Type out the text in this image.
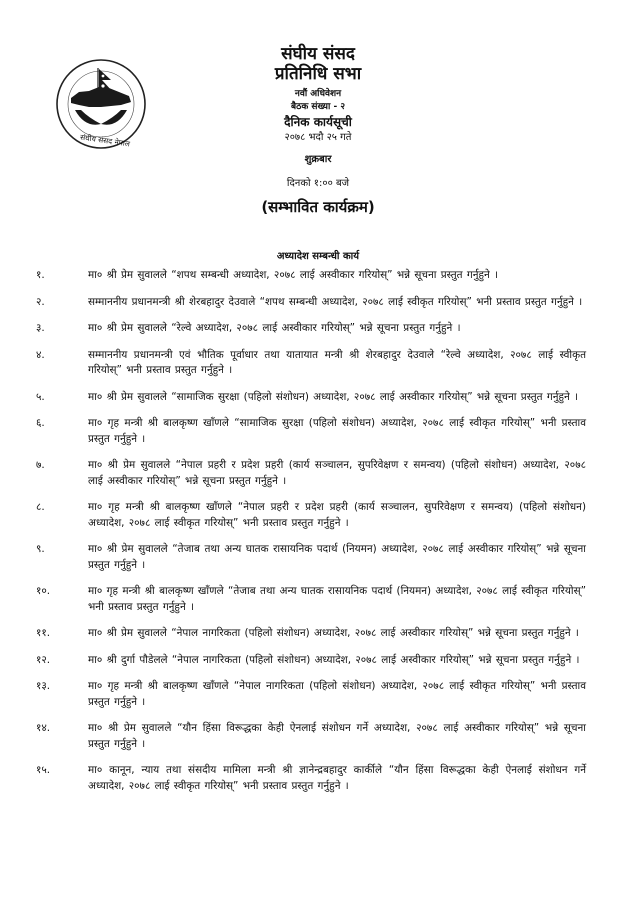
संघीय संसद नेपाल
संघीय संसद
प्रतिनिधि सभा
नवौं अधिवेशन
बैठक संख्या - २
दैनिक कार्यसूची
२०७८ भदौ २५ गते
शुक्रबार
दिनको १:०० बजे
(सम्भावित कार्यक्रम)
अध्यादेश सम्बन्धी कार्य
१.	मा० श्री प्रेम सुवालले “शपथ सम्बन्धी अध्यादेश, २०७८ लाई अस्वीकार गरियोस्” भन्ने सूचना प्रस्तुत गर्नुहुने ।
२.	सम्माननीय प्रधानमन्त्री श्री शेरबहादुर देउवाले “शपथ सम्बन्धी अध्यादेश, २०७८ लाई स्वीकृत गरियोस्” भनी प्रस्ताव प्रस्तुत गर्नुहुने ।
३.	मा० श्री प्रेम सुवालले “रेल्वे अध्यादेश, २०७८ लाई अस्वीकार गरियोस्” भन्ने सूचना प्रस्तुत गर्नुहुने ।
४.	सम्माननीय प्रधानमन्त्री एवं भौतिक पूर्वाधार तथा यातायात मन्त्री श्री शेरबहादुर देउवाले “रेल्वे अध्यादेश, २०७८ लाई स्वीकृत गरियोस्” भनी प्रस्ताव प्रस्तुत गर्नुहुने ।
५.	मा० श्री प्रेम सुवालले “सामाजिक सुरक्षा (पहिलो संशोधन) अध्यादेश, २०७८ लाई अस्वीकार गरियोस्” भन्ने सूचना प्रस्तुत गर्नुहुने ।
६.	मा० गृह मन्त्री श्री बालकृष्ण खाँणले “सामाजिक सुरक्षा (पहिलो संशोधन) अध्यादेश, २०७८ लाई स्वीकृत गरियोस्” भनी प्रस्ताव प्रस्तुत गर्नुहुने ।
७.	मा० श्री प्रेम सुवालले “नेपाल प्रहरी र प्रदेश प्रहरी (कार्य सञ्चालन, सुपरिवेक्षण र समन्वय) (पहिलो संशोधन) अध्यादेश, २०७८ लाई अस्वीकार गरियोस्” भन्ने सूचना प्रस्तुत गर्नुहुने ।
८.	मा० गृह मन्त्री श्री बालकृष्ण खाँणले “नेपाल प्रहरी र प्रदेश प्रहरी (कार्य सञ्चालन, सुपरिवेक्षण र समन्वय) (पहिलो संशोधन) अध्यादेश, २०७८ लाई स्वीकृत गरियोस्” भनी प्रस्ताव प्रस्तुत गर्नुहुने ।
९.	मा० श्री प्रेम सुवालले “तेजाब तथा अन्य घातक रासायनिक पदार्थ (नियमन) अध्यादेश, २०७८ लाई अस्वीकार गरियोस्” भन्ने सूचना प्रस्तुत गर्नुहुने ।
१०.	मा० गृह मन्त्री श्री बालकृष्ण खाँणले “तेजाब तथा अन्य घातक रासायनिक पदार्थ (नियमन) अध्यादेश, २०७८ लाई स्वीकृत गरियोस्” भनी प्रस्ताव प्रस्तुत गर्नुहुने ।
११.	मा० श्री प्रेम सुवालले “नेपाल नागरिकता (पहिलो संशोधन) अध्यादेश, २०७८ लाई अस्वीकार गरियोस्” भन्ने सूचना प्रस्तुत गर्नुहुने ।
१२.	मा० श्री दुर्गा पौडेलले “नेपाल नागरिकता (पहिलो संशोधन) अध्यादेश, २०७८ लाई अस्वीकार गरियोस्” भन्ने सूचना प्रस्तुत गर्नुहुने ।
१३.	मा० गृह मन्त्री श्री बालकृष्ण खाँणले “नेपाल नागरिकता (पहिलो संशोधन) अध्यादेश, २०७८ लाई स्वीकृत गरियोस्” भनी प्रस्ताव प्रस्तुत गर्नुहुने ।
१४.	मा० श्री प्रेम सुवालले “यौन हिंसा विरूद्धका केही ऐनलाई संशोधन गर्ने अध्यादेश, २०७८ लाई अस्वीकार गरियोस्” भन्ने सूचना प्रस्तुत गर्नुहुने ।
१५.	मा० कानून, न्याय तथा संसदीय मामिला मन्त्री श्री ज्ञानेन्द्रबहादुर कार्कीले “यौन हिंसा विरूद्धका केही ऐनलाई संशोधन गर्ने अध्यादेश, २०७८ लाई स्वीकृत गरियोस्” भनी प्रस्ताव प्रस्तुत गर्नुहुने ।
